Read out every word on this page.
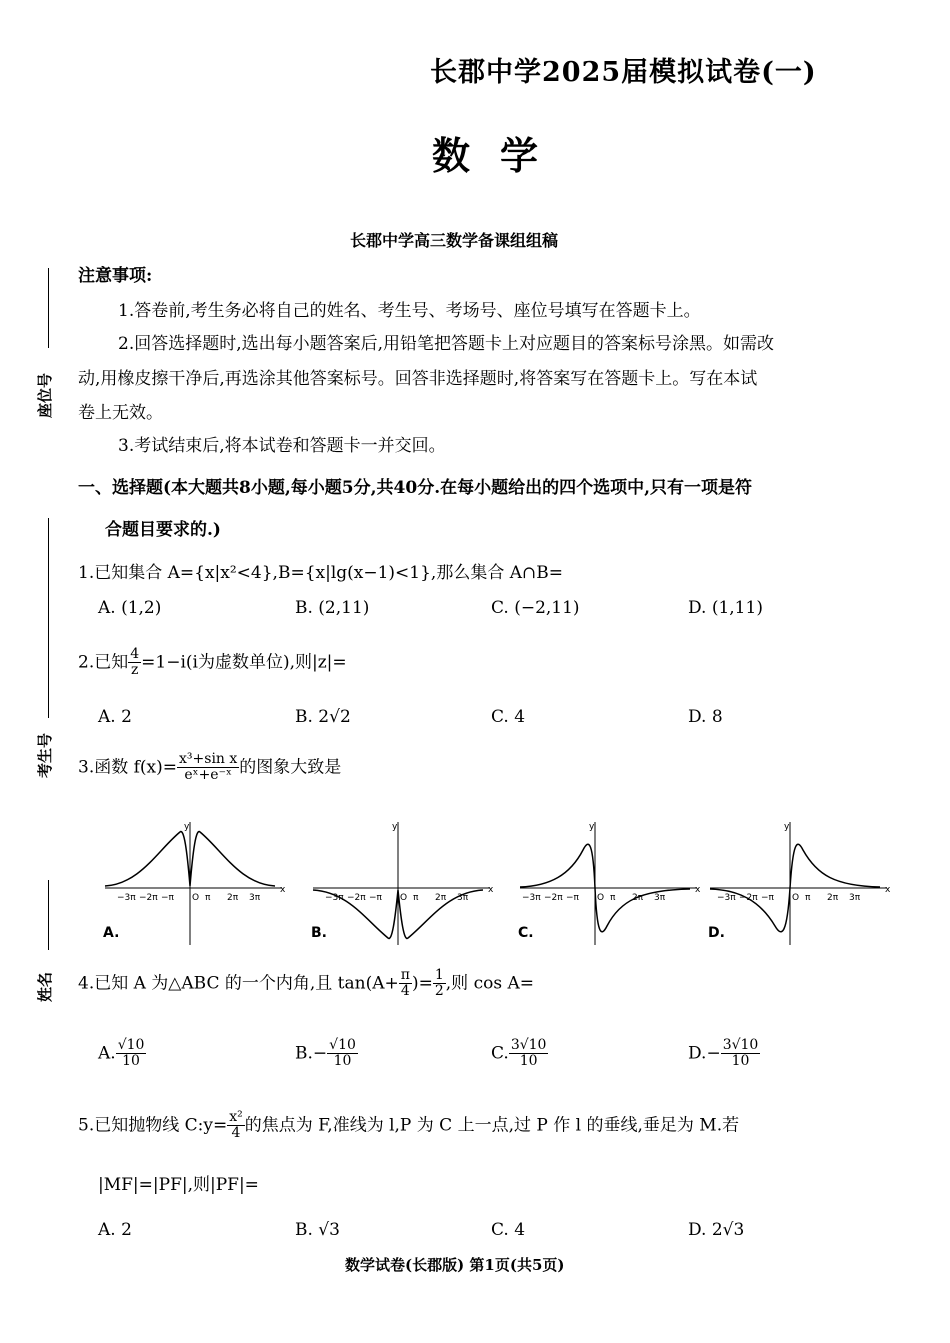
座位号
考生号
姓名
长郡中学2025届模拟试卷(一)
数学
长郡中学高三数学备课组组稿
注意事项:
1.答卷前,考生务必将自己的姓名、考生号、考场号、座位号填写在答题卡上。
2.回答选择题时,选出每小题答案后,用铅笔把答题卡上对应题目的答案标号涂黑。如需改
动,用橡皮擦干净后,再选涂其他答案标号。回答非选择题时,将答案写在答题卡上。写在本试
卷上无效。
3.考试结束后,将本试卷和答题卡一并交回。
一、选择题(本大题共8小题,每小题5分,共40分.在每小题给出的四个选项中,只有一项是符
合题目要求的.)
1.已知集合 A={x|x²<4},B={x|lg(x−1)<1},那么集合 A∩B=
A. (1,2)	B. (2,11)	C. (−2,11)	D. (1,11)
2.已知 $\frac{4}{z} =1-i(i$为虚数单位),则|z|=
A. 2	B. 2√2	C. 4	D. 8
3.函数 $f(x)= \frac{\text{x³+sin x}}{\text{eˣ+e⁻ˣ}}$ 的图象大致是
y
x
−3π −2π −π O π 2π 3π
A.
y
x
−3π −2π −π O π 2π 3π
B.
y
x
−3π −2π −π O π 2π 3π
C.
y
x
−3π −2π −π O π 2π 3π
D.
4.已知 A 为△ABC 的一个内角,且 $\tan(A+ \frac{\pi}{4}$ )= $\frac{1}{2}$ ,则 cos A=
A. $\frac{√10}{10}$	$B.- \frac{√10}{10}$	C. $\frac{3√10}{10}$	$D.- \frac{3√10}{10}$
5.已知抛物线 C:y= $\frac{\text{x²}}{4}$ 的焦点为 F,准线为 l,P 为 C 上一点,过 P 作 l 的垂线,垂足为 M.若
|MF|=|PF|,则|PF|=
A. 2	B. √3	C. 4	D. 2√3
数学试卷(长郡版) 第1页(共5页)
